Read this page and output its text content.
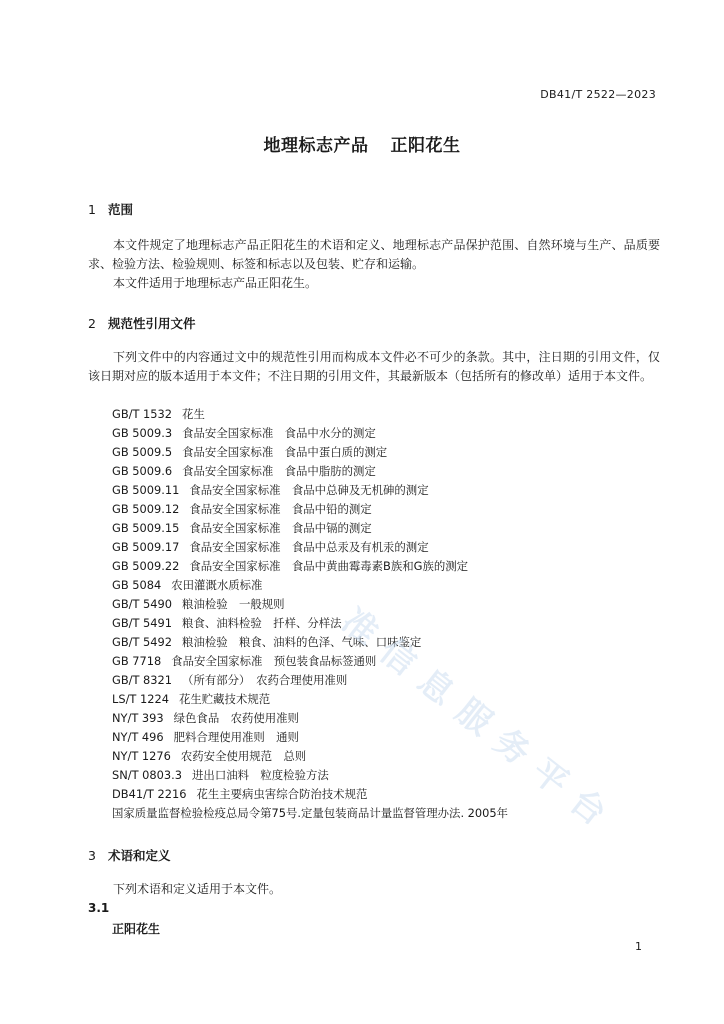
DB41/T 2522—2023
地理标志产品 正阳花生
1 范围

本文件规定了地理标志产品正阳花生的术语和定义、地理标志产品保护范围、自然环境与生产、品质要求、检验方法、检验规则、标签和标志以及包装、贮存和运输。

本文件适用于地理标志产品正阳花生。

2 规范性引用文件

下列文件中的内容通过文中的规范性引用而构成本文件必不可少的条款。其中，注日期的引用文件，仅该日期对应的版本适用于本文件；不注日期的引用文件，其最新版本（包括所有的修改单）适用于本文件。

GB/T 1532 花生
GB 5009.3 食品安全国家标准　食品中水分的测定
GB 5009.5 食品安全国家标准　食品中蛋白质的测定
GB 5009.6 食品安全国家标准　食品中脂肪的测定
GB 5009.11 食品安全国家标准　食品中总砷及无机砷的测定
GB 5009.12 食品安全国家标准　食品中铅的测定
GB 5009.15 食品安全国家标准　食品中镉的测定
GB 5009.17 食品安全国家标准　食品中总汞及有机汞的测定
GB 5009.22 食品安全国家标准　食品中黄曲霉毒素B族和G族的测定
GB 5084 农田灌溉水质标准
GB/T 5490 粮油检验　一般规则
GB/T 5491 粮食、油料检验　扦样、分样法
GB/T 5492 粮油检验　粮食、油料的色泽、气味、口味鉴定
GB 7718 食品安全国家标准　预包装食品标签通则
GB/T 8321 （所有部分）　农药合理使用准则
LS/T 1224 花生贮藏技术规范
NY/T 393 绿色食品　农药使用准则
NY/T 496 肥料合理使用准则　通则
NY/T 1276 农药安全使用规范　总则
SN/T 0803.3 进出口油料　粒度检验方法
DB41/T 2216 花生主要病虫害综合防治技术规范
国家质量监督检验检疫总局令第75号.定量包装商品计量监督管理办法. 2005年
3 术语和定义

下列术语和定义适用于本文件。

3.1
正阳花生
1
准
信
息
服
务
平
台
